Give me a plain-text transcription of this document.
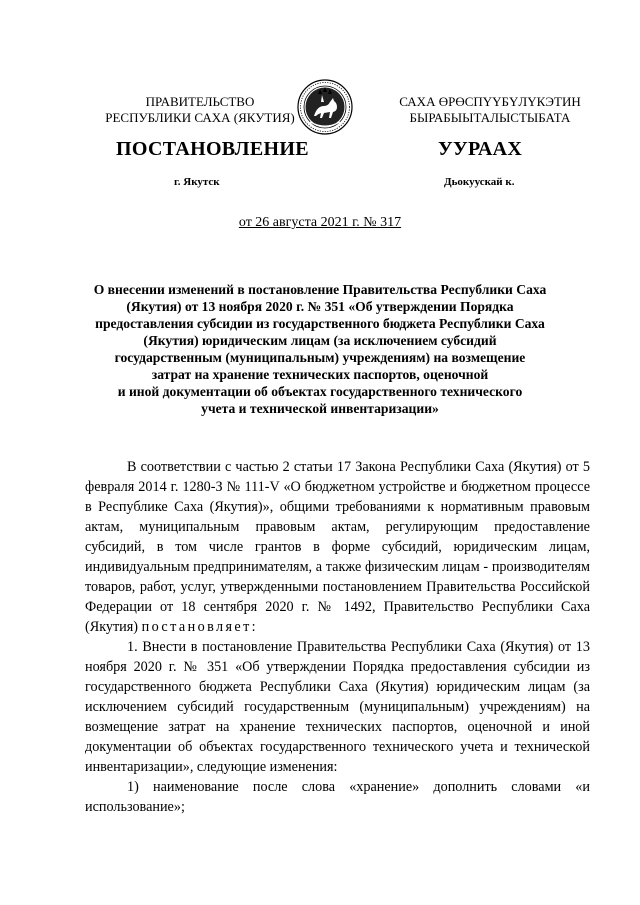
ПРАВИТЕЛЬСТВО
РЕСПУБЛИКИ САХА (ЯКУТИЯ)
САХА ӨРӨСПҮҮБҮЛҮКЭТИН
БЫРАБЫЫТАЛЫСТЫБАТА
ПОСТАНОВЛЕНИЕ	УУРААХ
г. Якутск	Дьокуускай к.
от 26 августа 2021 г. № 317
О внесении изменений в постановление Правительства Республики Саха
(Якутия) от 13 ноября 2020 г. № 351 «Об утверждении Порядка
предоставления субсидии из государственного бюджета Республики Саха
(Якутия) юридическим лицам (за исключением субсидий
государственным (муниципальным) учреждениям) на возмещение
затрат на хранение технических паспортов, оценочной
и иной документации об объектах государственного технического
учета и технической инвентаризации»

В соответствии с частью 2 статьи 17 Закона Республики Саха (Якутия) от 5 февраля 2014 г. 1280-З № 111-V «О бюджетном устройстве и бюджетном процессе в Республике Саха (Якутия)», общими требованиями к нормативным правовым актам, муниципальным правовым актам, регулирующим предоставление субсидий, в том числе грантов в форме субсидий, юридическим лицам, индивидуальным предпринимателям, а также физическим лицам - производителям товаров, работ, услуг, утвержденными постановлением Правительства Российской Федерации от 18 сентября 2020 г. № 1492, Правительство Республики Саха (Якутия) постановляет:

1. Внести в постановление Правительства Республики Саха (Якутия) от 13 ноября 2020 г. № 351 «Об утверждении Порядка предоставления субсидии из государственного бюджета Республики Саха (Якутия) юридическим лицам (за исключением субсидий государственным (муниципальным) учреждениям) на возмещение затрат на хранение технических паспортов, оценочной и иной документации об объектах государственного технического учета и технической инвентаризации», следующие изменения:

1) наименование после слова «хранение» дополнить словами «и использование»;
